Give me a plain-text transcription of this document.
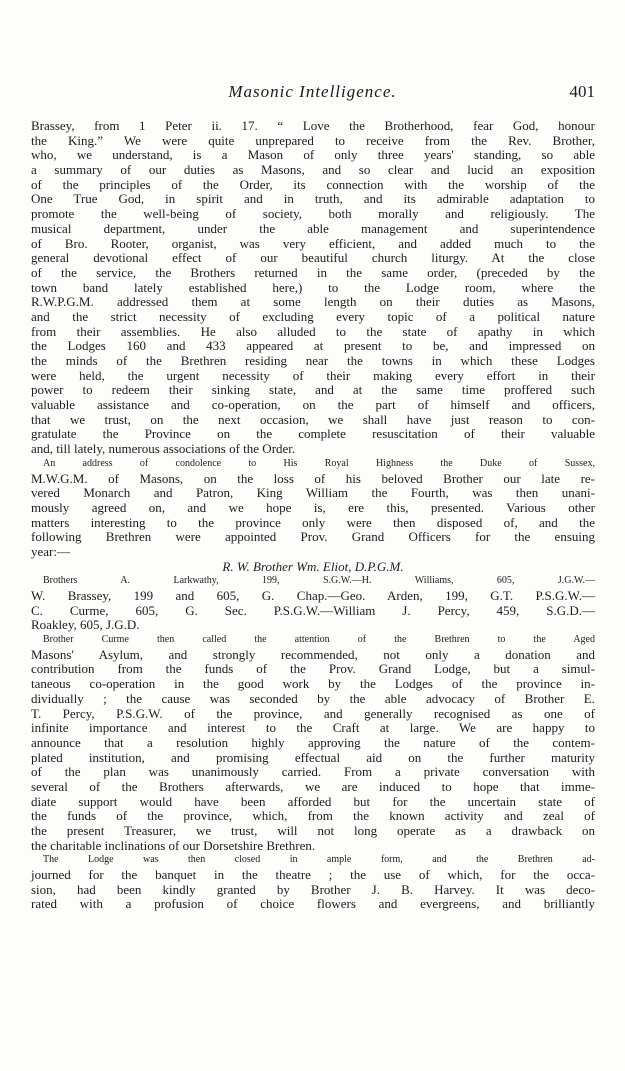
Masonic Intelligence.	401
Brassey, from 1 Peter ii. 17. “ Love the Brotherhood, fear God, honour
the King.” We were quite unprepared to receive from the Rev. Brother,
who, we understand, is a Mason of only three years' standing, so able
a summary of our duties as Masons, and so clear and lucid an exposition
of the principles of the Order, its connection with the worship of the
One True God, in spirit and in truth, and its admirable adaptation to
promote the well-being of society, both morally and religiously. The
musical department, under the able management and superintendence
of Bro. Rooter, organist, was very efficient, and added much to the
general devotional effect of our beautiful church liturgy. At the close
of the service, the Brothers returned in the same order, (preceded by the
town band lately established here,) to the Lodge room, where the
R.W.P.G.M. addressed them at some length on their duties as Masons,
and the strict necessity of excluding every topic of a political nature
from their assemblies. He also alluded to the state of apathy in which
the Lodges 160 and 433 appeared at present to be, and impressed on
the minds of the Brethren residing near the towns in which these Lodges
were held, the urgent necessity of their making every effort in their
power to redeem their sinking state, and at the same time proffered such
valuable assistance and co-operation, on the part of himself and officers,
that we trust, on the next occasion, we shall have just reason to con-
gratulate the Province on the complete resuscitation of their valuable
and, till lately, numerous associations of the Order.
An address of condolence to His Royal Highness the Duke of Sussex,
M.W.G.M. of Masons, on the loss of his beloved Brother our late re-
vered Monarch and Patron, King William the Fourth, was then unani-
mously agreed on, and we hope is, ere this, presented. Various other
matters interesting to the province only were then disposed of, and the
following Brethren were appointed Prov. Grand Officers for the ensuing
year:—
R. W. Brother Wm. Eliot, D.P.G.M.
Brothers A. Larkwathy, 199, S.G.W.—H. Williams, 605, J.G.W.—
W. Brassey, 199 and 605, G. Chap.—Geo. Arden, 199, G.T. P.S.G.W.—
C. Curme, 605, G. Sec. P.S.G.W.—William J. Percy, 459, S.G.D.—
Roakley, 605, J.G.D.
Brother Curme then called the attention of the Brethren to the Aged
Masons' Asylum, and strongly recommended, not only a donation and
contribution from the funds of the Prov. Grand Lodge, but a simul-
taneous co-operation in the good work by the Lodges of the province in-
dividually ; the cause was seconded by the able advocacy of Brother E.
T. Percy, P.S.G.W. of the province, and generally recognised as one of
infinite importance and interest to the Craft at large. We are happy to
announce that a resolution highly approving the nature of the contem-
plated institution, and promising effectual aid on the further maturity
of the plan was unanimously carried. From a private conversation with
several of the Brothers afterwards, we are induced to hope that imme-
diate support would have been afforded but for the uncertain state of
the funds of the province, which, from the known activity and zeal of
the present Treasurer, we trust, will not long operate as a drawback on
the charitable inclinations of our Dorsetshire Brethren.
The Lodge was then closed in ample form, and the Brethren ad-
journed for the banquet in the theatre ; the use of which, for the occa-
sion, had been kindly granted by Brother J. B. Harvey. It was deco-
rated with a profusion of choice flowers and evergreens, and brilliantly
